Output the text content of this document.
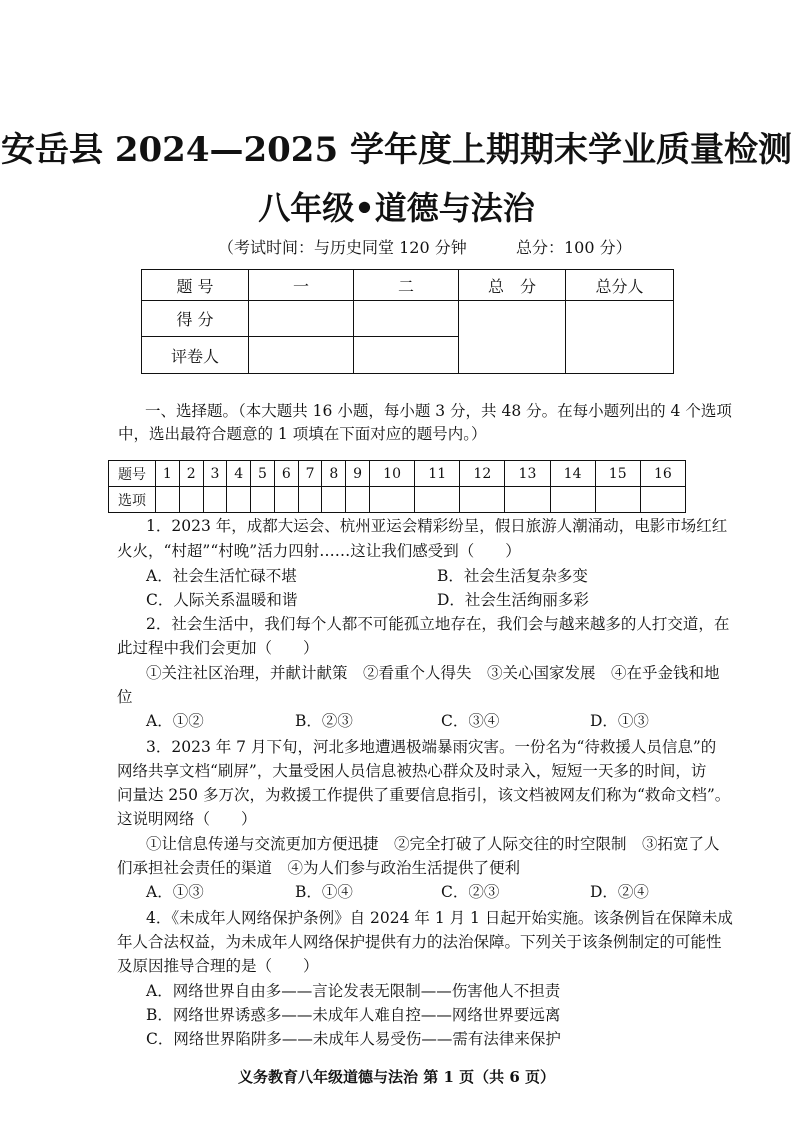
安岳县 2024—2025 学年度上期期末学业质量检测
八年级•道德与法治
（考试时间：与历史同堂 120 分钟	总分：100 分）
题 号	一	二	总　分	总分人
得 分				
评卷人				
一、选择题。（本大题共 16 小题，每小题 3 分，共 48 分。在每小题列出的 4 个选项
中，选出最符合题意的 1 项填在下面对应的题号内。）
题号	1	2	3	4	5	6	7	8	9	10	11	12	13	14	15	16
选项																
1．2023 年，成都大运会、杭州亚运会精彩纷呈，假日旅游人潮涌动，电影市场红红
火火，“村超”“村晚”活力四射……这让我们感受到（　　）
A．社会生活忙碌不堪	B．社会生活复杂多变
C．人际关系温暖和谐	D．社会生活绚丽多彩
2．社会生活中，我们每个人都不可能孤立地存在，我们会与越来越多的人打交道，在
此过程中我们会更加（　　）
①关注社区治理，并献计献策　②看重个人得失　③关心国家发展　④在乎金钱和地
位
A．①②	B．②③	C．③④	D．①③
3．2023 年 7 月下旬，河北多地遭遇极端暴雨灾害。一份名为“待救援人员信息”的
网络共享文档“刷屏”，大量受困人员信息被热心群众及时录入，短短一天多的时间，访
问量达 250 多万次，为救援工作提供了重要信息指引，该文档被网友们称为“救命文档”。
这说明网络（　　）
①让信息传递与交流更加方便迅捷　②完全打破了人际交往的时空限制　③拓宽了人
们承担社会责任的渠道　④为人们参与政治生活提供了便利
A．①③	B．①④	C．②③	D．②④
4．《未成年人网络保护条例》自 2024 年 1 月 1 日起开始实施。该条例旨在保障未成
年人合法权益，为未成年人网络保护提供有力的法治保障。下列关于该条例制定的可能性
及原因推导合理的是（　　）
A．网络世界自由多——言论发表无限制——伤害他人不担责
B．网络世界诱惑多——未成年人难自控——网络世界要远离
C．网络世界陷阱多——未成年人易受伤——需有法律来保护
义务教育八年级道德与法治 第 1 页（共 6 页）
